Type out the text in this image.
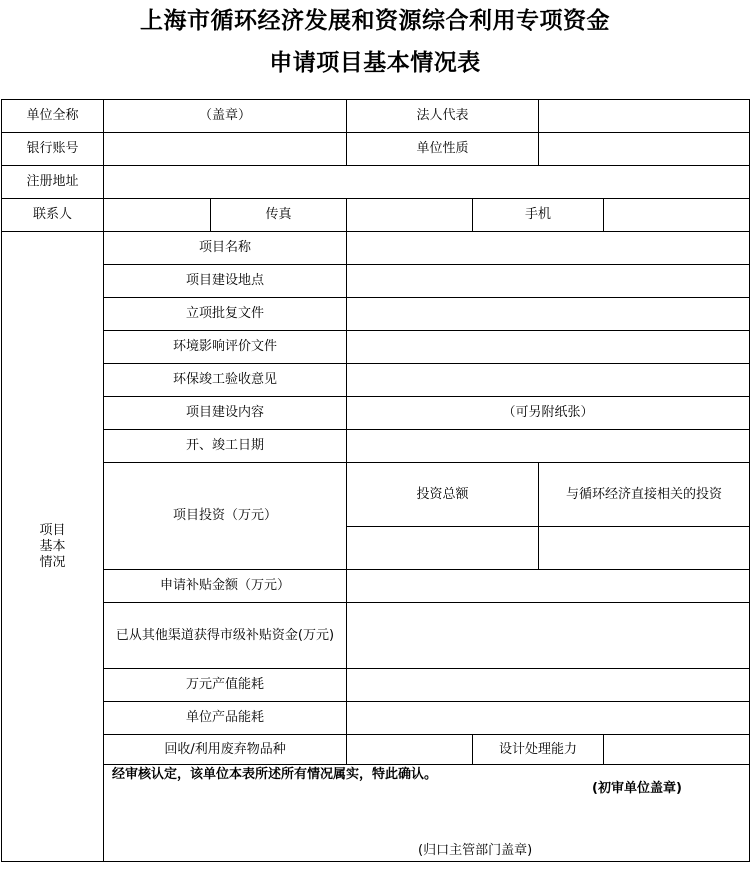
上海市循环经济发展和资源综合利用专项资金
申请项目基本情况表
单位全称	（盖章）		法人代表			
银行账号			单位性质			
注册地址						
联系人		传真		手机		

项目
基本
情况	项目名称					
	项目建设地点					
	立项批复文件					
	环境影响评价文件					
	环保竣工验收意见					
	项目建设内容		（可另附纸张）			
	开、竣工日期					
	项目投资（万元）		投资总额		与循环经济直接相关的投资	

	申请补贴金额（万元）					
	已从其他渠道获得市级补贴资金(万元)					
	万元产值能耗					
	单位产品能耗					
	回收/利用废弃物品种			设计处理能力		

	经审核认定，该单位本表所述所有情况属实，特此确认。
(初审单位盖章)
(归口主管部门盖章)					
